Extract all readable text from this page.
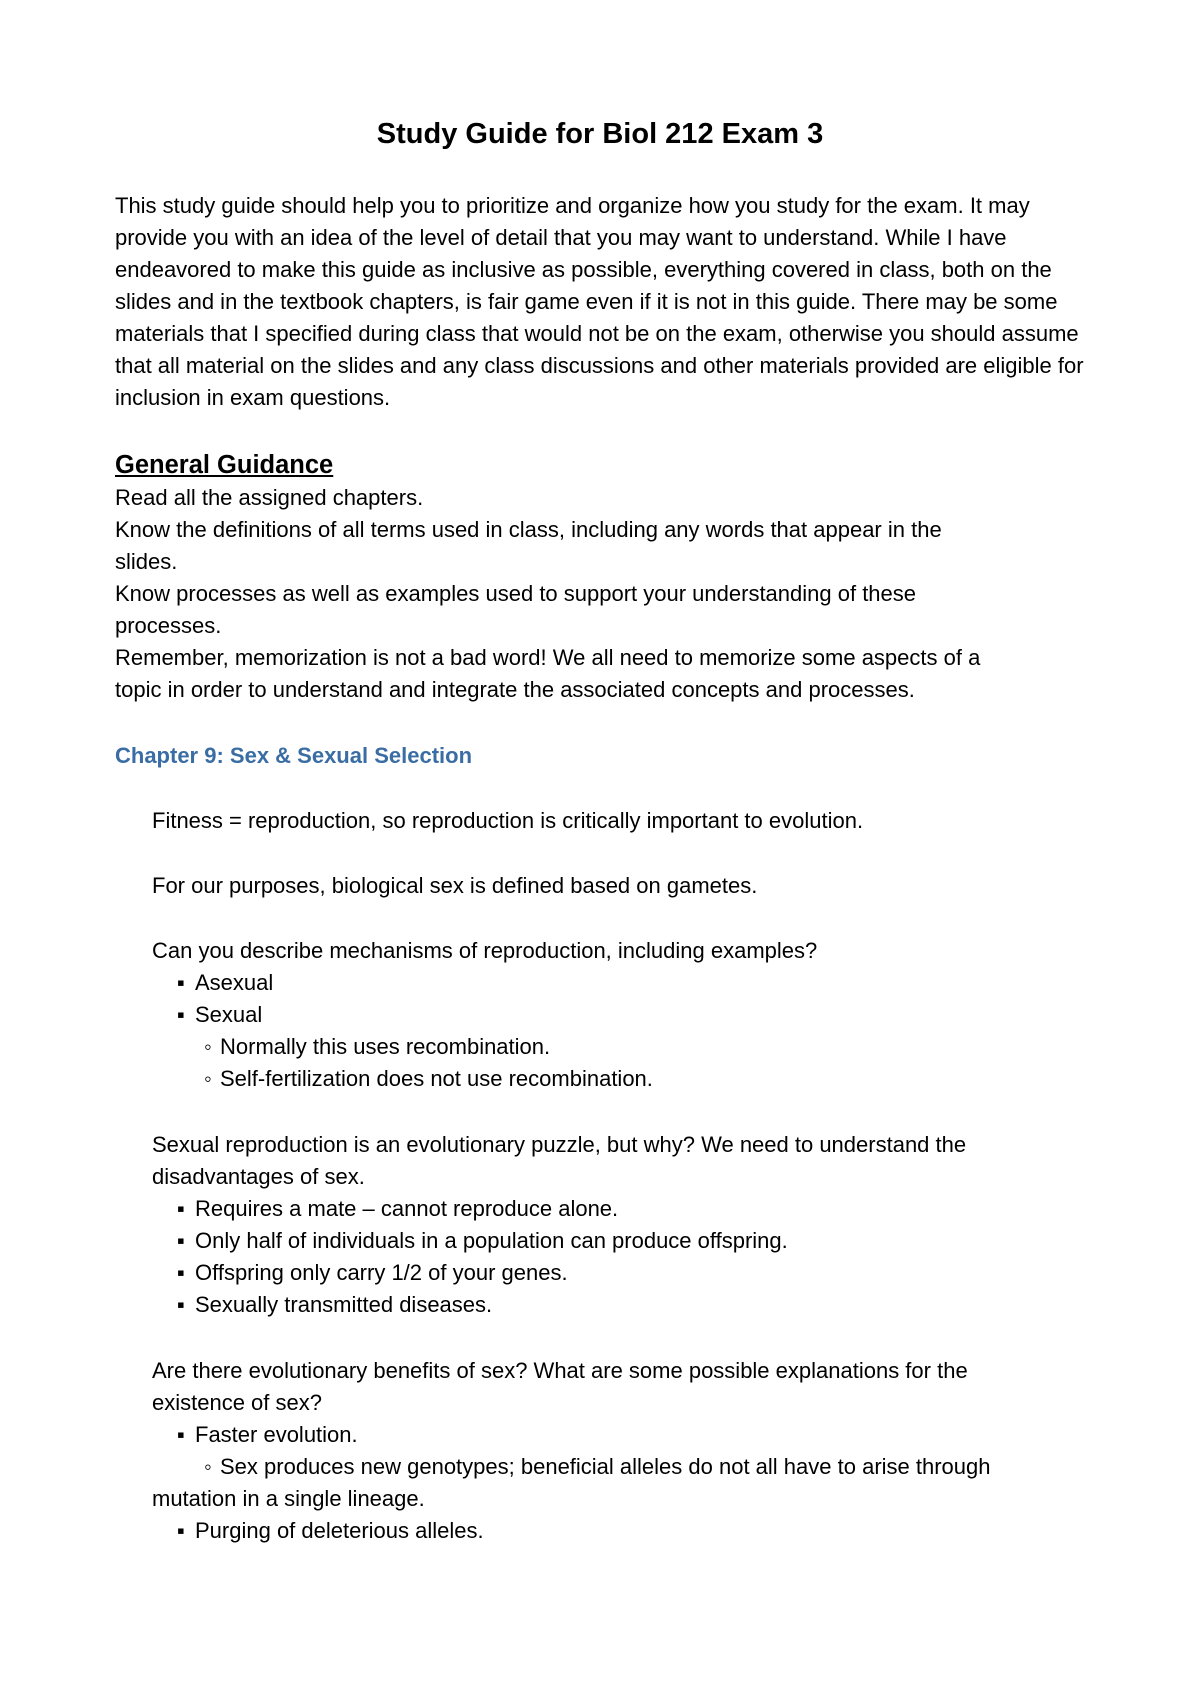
Study Guide for Biol 212 Exam 3
This study guide should help you to prioritize and organize how you study for the exam. It may provide you with an idea of the level of detail that you may want to understand. While I have endeavored to make this guide as inclusive as possible, everything covered in class, both on the slides and in the textbook chapters, is fair game even if it is not in this guide. There may be some materials that I specified during class that would not be on the exam, otherwise you should assume that all material on the slides and any class discussions and other materials provided are eligible for inclusion in exam questions.
General Guidance
Read all the assigned chapters.
Know the definitions of all terms used in class, including any words that appear in the
slides.
Know processes as well as examples used to support your understanding of these
processes.
Remember, memorization is not a bad word! We all need to memorize some aspects of a
topic in order to understand and integrate the associated concepts and processes.
Chapter 9: Sex & Sexual Selection

Fitness = reproduction, so reproduction is critically important to evolution.

For our purposes, biological sex is defined based on gametes.

Can you describe mechanisms of reproduction, including examples?
▪ Asexual
▪ Sexual
◦ Normally this uses recombination.
◦ Self-fertilization does not use recombination.
Sexual reproduction is an evolutionary puzzle, but why? We need to understand the
disadvantages of sex.
▪ Requires a mate – cannot reproduce alone.
▪ Only half of individuals in a population can produce offspring.
▪ Offspring only carry 1/2 of your genes.
▪ Sexually transmitted diseases.
Are there evolutionary benefits of sex? What are some possible explanations for the
existence of sex?
▪ Faster evolution.
◦ Sex produces new genotypes; beneficial alleles do not all have to arise through
mutation in a single lineage.
▪ Purging of deleterious alleles.
